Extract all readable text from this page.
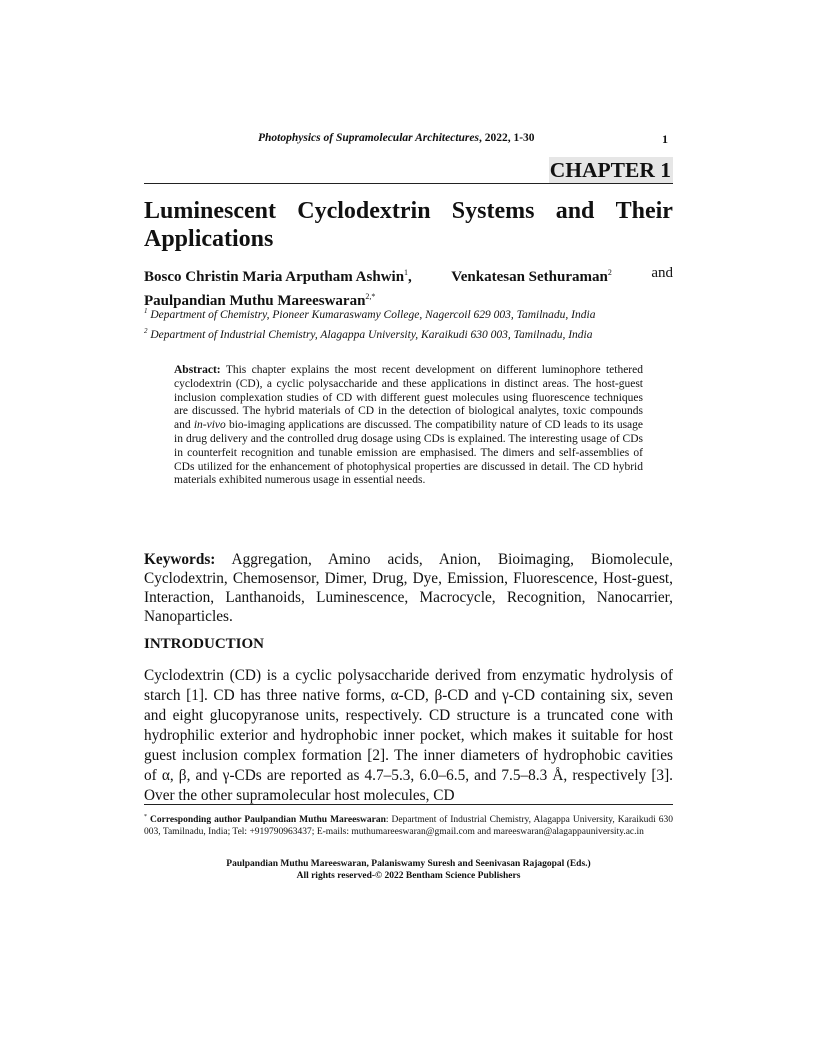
Photophysics of Supramolecular Architectures, 2022, 1-30	1
CHAPTER 1
Luminescent Cyclodextrin Systems and Their
Applications
Bosco Christin Maria Arputham Ashwin$^1$,	Venkatesan Sethuraman$^2$	and
Paulpandian Muthu Mareeswaran$^{2,*}$
$^1$ Department of Chemistry, Pioneer Kumaraswamy College, Nagercoil 629 003, Tamilnadu, India
$^2$ Department of Industrial Chemistry, Alagappa University, Karaikudi 630 003, Tamilnadu, India
Abstract: This chapter explains the most recent development on different luminophore tethered cyclodextrin (CD), a cyclic polysaccharide and these applications in distinct areas. The host-guest inclusion complexation studies of CD with different guest molecules using fluorescence techniques are discussed. The hybrid materials of CD in the detection of biological analytes, toxic compounds and in-vivo bio-imaging applications are discussed. The compatibility nature of CD leads to its usage in drug delivery and the controlled drug dosage using CDs is explained. The interesting usage of CDs in counterfeit recognition and tunable emission are emphasised. The dimers and self-assemblies of CDs utilized for the enhancement of photophysical properties are discussed in detail. The CD hybrid materials exhibited numerous usage in essential needs.
Keywords: Aggregation, Amino acids, Anion, Bioimaging, Biomolecule, Cyclodextrin, Chemosensor, Dimer, Drug, Dye, Emission, Fluorescence, Host-guest, Interaction, Lanthanoids, Luminescence, Macrocycle, Recognition, Nanocarrier, Nanoparticles.
INTRODUCTION
Cyclodextrin (CD) is a cyclic polysaccharide derived from enzymatic hydrolysis of starch [1]. CD has three native forms, α-CD, β-CD and γ-CD containing six, seven and eight glucopyranose units, respectively. CD structure is a truncated cone with hydrophilic exterior and hydrophobic inner pocket, which makes it suitable for host guest inclusion complex formation [2]. The inner diameters of hydrophobic cavities of α, β, and γ-CDs are reported as 4.7–5.3, 6.0–6.5, and 7.5–8.3 Å, respectively [3]. Over the other supramolecular host molecules, CD
* Corresponding author Paulpandian Muthu Mareeswaran: Department of Industrial Chemistry, Alagappa University, Karaikudi 630 003, Tamilnadu, India; Tel: +919790963437; E-mails: muthumareeswaran@gmail.com and mareeswaran@alagappauniversity.ac.in
Paulpandian Muthu Mareeswaran, Palaniswamy Suresh and Seenivasan Rajagopal (Eds.)
All rights reserved-© 2022 Bentham Science Publishers
